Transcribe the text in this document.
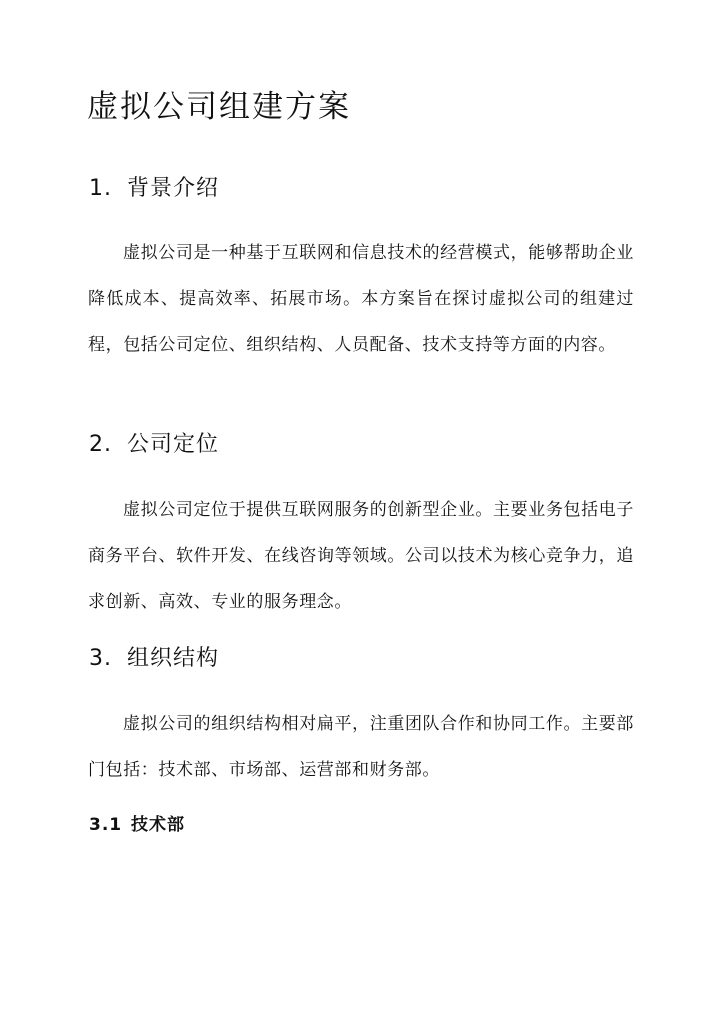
虚拟公司组建方案
1. 背景介绍

虚拟公司是一种基于互联网和信息技术的经营模式，能够帮助企业降低成本、提高效率、拓展市场。本方案旨在探讨虚拟公司的组建过程，包括公司定位、组织结构、人员配备、技术支持等方面的内容。

2. 公司定位

虚拟公司定位于提供互联网服务的创新型企业。主要业务包括电子商务平台、软件开发、在线咨询等领域。公司以技术为核心竞争力，追求创新、高效、专业的服务理念。

3. 组织结构

虚拟公司的组织结构相对扁平，注重团队合作和协同工作。主要部门包括：技术部、市场部、运营部和财务部。

3.1 技术部
